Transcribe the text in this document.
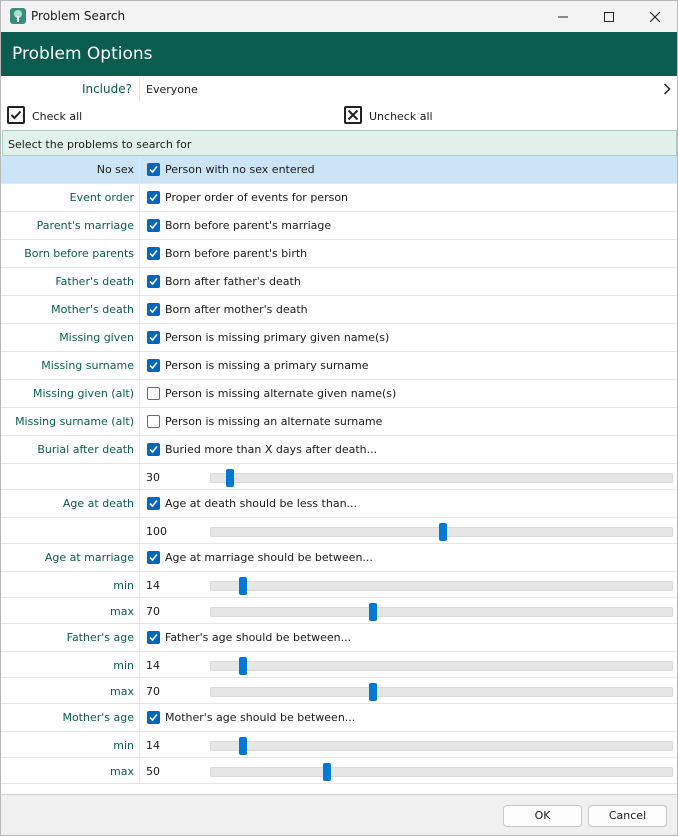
Problem Search
Problem Options
Include? Everyone
Check all	Uncheck all
Select the problems to search for
No sex	Person with no sex entered
Event order	Proper order of events for person
Parent's marriage	Born before parent's marriage
Born before parents	Born before parent's birth
Father's death	Born after father's death
Mother's death	Born after mother's death
Missing given	Person is missing primary given name(s)
Missing surname	Person is missing a primary surname
Missing given (alt)	Person is missing alternate given name(s)
Missing surname (alt)	Person is missing an alternate surname
Burial after death	Buried more than X days after death...
30
Age at death	Age at death should be less than...
100
Age at marriage	Age at marriage should be between...
min 14
max 70
Father's age	Father's age should be between...
min 14
max 70
Mother's age	Mother's age should be between...
min 14
max 50
OK	Cancel
